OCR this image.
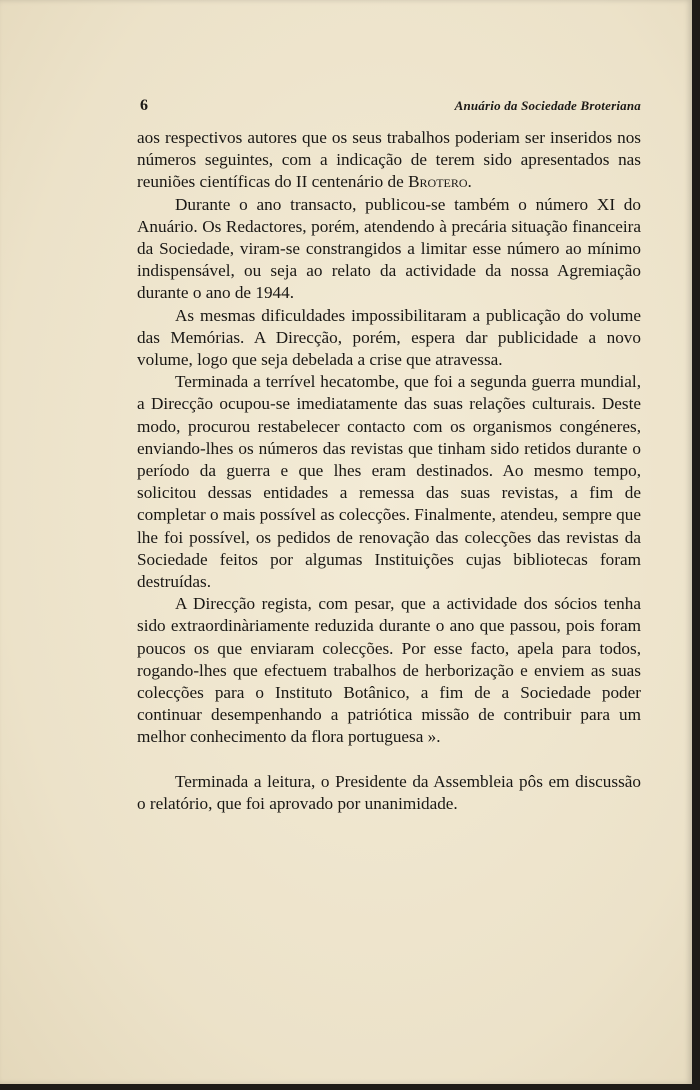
6	Anuário da Sociedade Broteriana

aos respectivos autores que os seus trabalhos poderiam ser inseridos nos números seguintes, com a indicação de terem sido apresentados nas reuniões científicas do II centenário de Brotero.

Durante o ano transacto, publicou-se também o número XI do Anuário. Os Redactores, porém, atendendo à precária situação financeira da Sociedade, viram-se constrangidos a limitar esse número ao mínimo indispensável, ou seja ao relato da actividade da nossa Agremiação durante o ano de 1944.

As mesmas dificuldades impossibilitaram a publicação do volume das Memórias. A Direcção, porém, espera dar publicidade a novo volume, logo que seja debelada a crise que atravessa.

Terminada a terrível hecatombe, que foi a segunda guerra mundial, a Direcção ocupou-se imediatamente das suas relações culturais. Deste modo, procurou restabelecer contacto com os organismos congéneres, enviando-lhes os números das revistas que tinham sido retidos durante o período da guerra e que lhes eram destinados. Ao mesmo tempo, solicitou dessas entidades a remessa das suas revistas, a fim de completar o mais possível as colecções. Finalmente, atendeu, sempre que lhe foi possível, os pedidos de renovação das colecções das revistas da Sociedade feitos por algumas Instituições cujas bibliotecas foram destruídas.

A Direcção regista, com pesar, que a actividade dos sócios tenha sido extraordinàriamente reduzida durante o ano que passou, pois foram poucos os que enviaram colecções. Por esse facto, apela para todos, rogando-lhes que efectuem trabalhos de herborização e enviem as suas colecções para o Instituto Botânico, a fim de a Sociedade poder continuar desempenhando a patriótica missão de contribuir para um melhor conhecimento da flora portuguesa ».

Terminada a leitura, o Presidente da Assembleia pôs em discussão o relatório, que foi aprovado por unanimidade.
